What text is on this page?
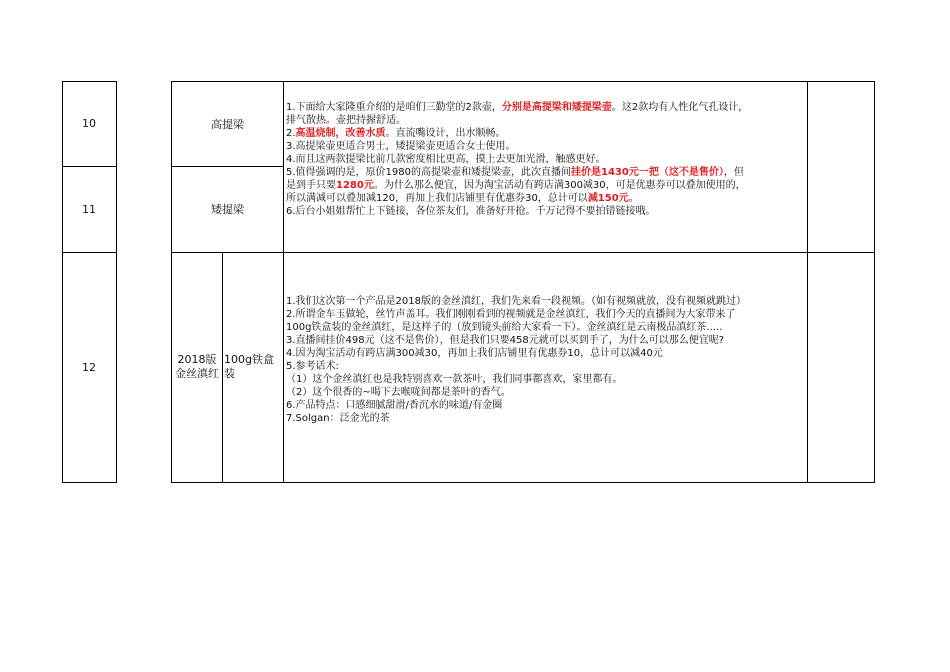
10
11
12
高提梁
矮提梁
2018版
金丝滇红
100g铁盒
装
1.下面给大家隆重介绍的是咱们三勤堂的2款壶，分别是高提梁和矮提梁壶。这2款均有人性化气孔设计，
排气散热。壶把持握舒适。
2.高温烧制，改善水质。直流嘴设计，出水顺畅。
3.高提梁壶更适合男士，矮提梁壶更适合女士使用。
4.而且这两款提梁比前几款密度相比更高，摸上去更加光滑，触感更好。
5.值得强调的是，原价1980的高提梁壶和矮提梁壶，此次直播间挂价是1430元一把（这不是售价），但
是到手只要1280元。为什么那么便宜，因为淘宝活动有跨店满300减30，可是优惠券可以叠加使用的，
所以满减可以叠加减120，再加上我们店铺里有优惠券30，总计可以减150元。
6.后台小姐姐帮忙上下链接，各位茶友们，准备好开抢。千万记得不要拍错链接哦。
1.我们这次第一个产品是2018版的金丝滇红，我们先来看一段视频。（如有视频就放，没有视频就跳过）
2.所谓金车玉做轮，丝竹声盖耳。我们刚刚看到的视频就是金丝滇红，我们今天的直播间为大家带来了
100g铁盒装的金丝滇红，是这样子的（放到镜头前给大家看一下）。金丝滇红是云南极品滇红茶.....
3.直播间挂价498元（这不是售价），但是我们只要458元就可以买到手了，为什么可以那么便宜呢?
4.因为淘宝活动有跨店满300减30，再加上我们店铺里有优惠券10，总计可以减40元
5.参考话术:
（1）这个金丝滇红也是我特别喜欢一款茶叶，我们同事都喜欢，家里都有。
（2）这个很香的~喝下去喉咙间都是茶叶的香气。
6.产品特点：口感细腻甜滑/香沉水的味道/有金圈
7.Solgan：泛金光的茶
